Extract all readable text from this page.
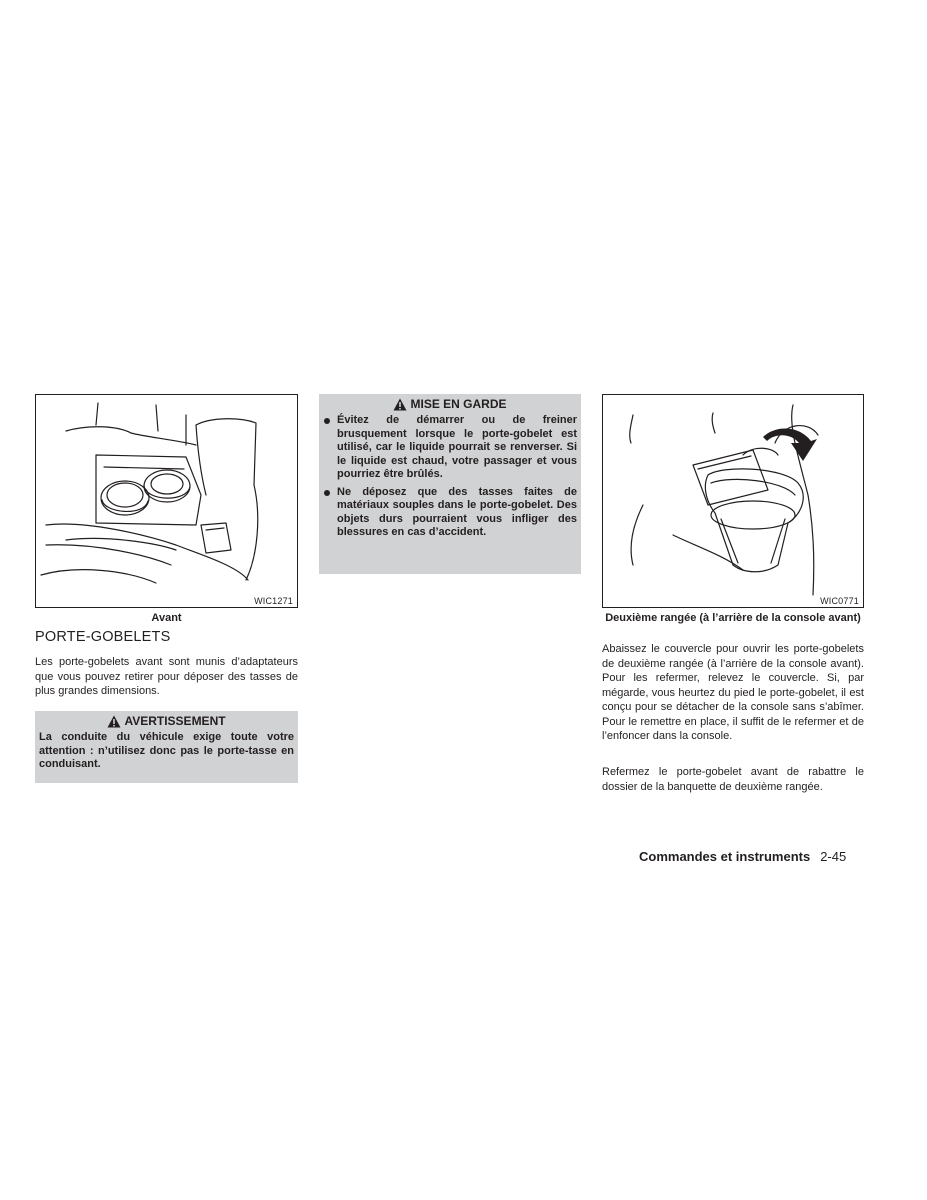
WIC1271
Avant
PORTE-GOBELETS

Les porte-gobelets avant sont munis d’adaptateurs que vous pouvez retirer pour déposer des tasses de plus grandes dimensions.

AVERTISSEMENT
La conduite du véhicule exige toute votre attention : n’utilisez donc pas le porte-tasse en conduisant.
MISE EN GARDE
Évitez de démarrer ou de freiner brusquement lorsque le porte-gobelet est utilisé, car le liquide pourrait se renverser. Si le liquide est chaud, votre passager et vous pourriez être brûlés.
Ne déposez que des tasses faites de matériaux souples dans le porte-gobelet. Des objets durs pourraient vous infliger des blessures en cas d’accident.
WIC0771
Deuxième rangée (à l’arrière de la console avant)

Abaissez le couvercle pour ouvrir les porte-gobelets de deuxième rangée (à l’arrière de la console avant). Pour les refermer, relevez le couvercle. Si, par mégarde, vous heurtez du pied le porte-gobelet, il est conçu pour se détacher de la console sans s’abîmer. Pour le remettre en place, il suffit de le refermer et de l’enfoncer dans la console.

Refermez le porte-gobelet avant de rabattre le dossier de la banquette de deuxième rangée.

Commandes et instruments 2-45
